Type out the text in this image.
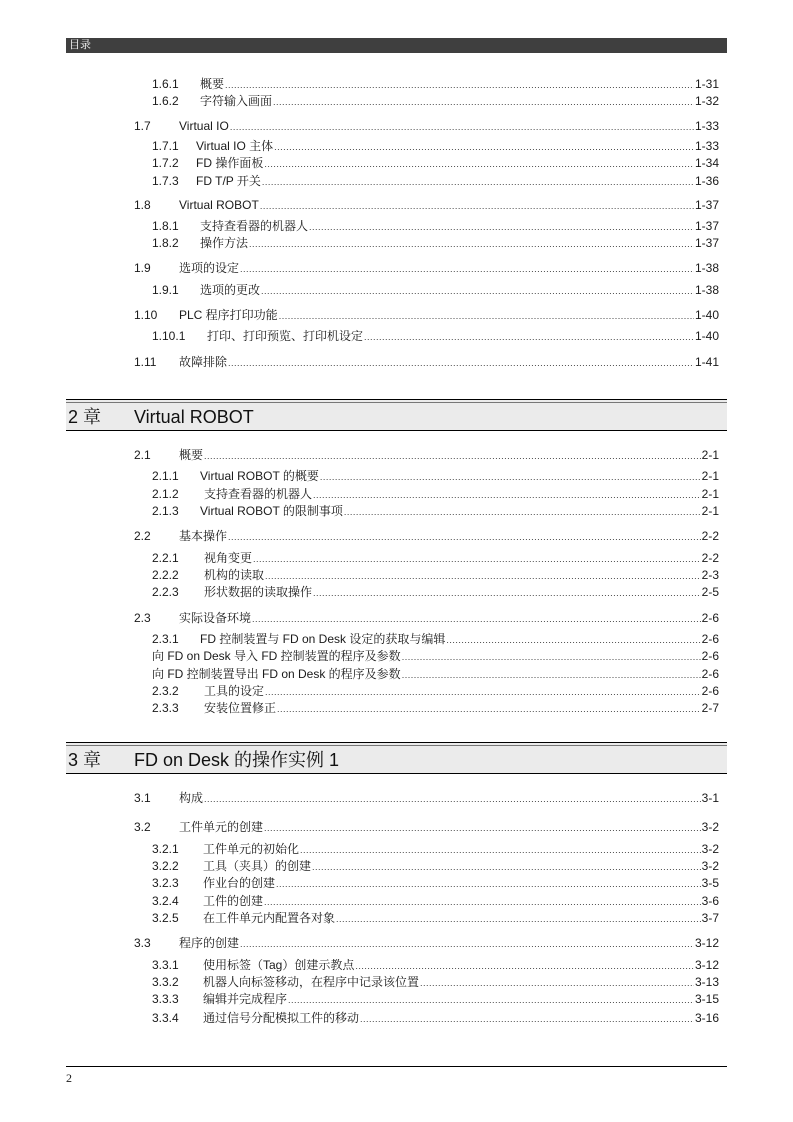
目录
1.6.1	概要 .....	1-31
1.6.2	字符输入画面 .....	1-32
1.7	Virtual IO .....	1-33
1.7.1	Virtual IO 主体 .....	1-33
1.7.2	FD 操作面板 .....	1-34
1.7.3	FD T/P 开关 .....	1-36
1.8	Virtual ROBOT .....	1-37
1.8.1	支持查看器的机器人 .....	1-37
1.8.2	操作方法 .....	1-37
1.9	选项的设定 .....	1-38
1.9.1	选项的更改 .....	1-38
1.10	PLC 程序打印功能 .....	1-40
1.10.1	打印、打印预览、打印机设定 .....	1-40
1.11	故障排除 .....	1-41
2 章 Virtual ROBOT
2.1	概要 .....	2-1
2.1.1	Virtual ROBOT 的概要 .....	2-1
2.1.2	支持查看器的机器人 .....	2-1
2.1.3	Virtual ROBOT 的限制事项 .....	2-1
2.2	基本操作 .....	2-2
2.2.1	视角变更 .....	2-2
2.2.2	机构的读取 .....	2-3
2.2.3	形状数据的读取操作 .....	2-5
2.3	实际设备环境 .....	2-6
2.3.1	FD 控制装置与 FD on Desk 设定的获取与编辑 .....	2-6
向 FD on Desk 导入 FD 控制装置的程序及参数 .....	2-6
向 FD 控制装置导出 FD on Desk 的程序及参数 .....	2-6
2.3.2	工具的设定 .....	2-6
2.3.3	安装位置修正 .....	2-7
3 章 FD on Desk 的操作实例 1
3.1	构成 .....	3-1
3.2	工件单元的创建 .....	3-2
3.2.1	工件单元的初始化 .....	3-2
3.2.2	工具（夹具）的创建 .....	3-2
3.2.3	作业台的创建 .....	3-5
3.2.4	工件的创建 .....	3-6
3.2.5	在工件单元内配置各对象 .....	3-7
3.3	程序的创建 .....	3-12
3.3.1	使用标签（Tag）创建示教点 .....	3-12
3.3.2	机器人向标签移动，在程序中记录该位置 .....	3-13
3.3.3	编辑并完成程序 .....	3-15
3.3.4	通过信号分配模拟工件的移动 .....	3-16
2
